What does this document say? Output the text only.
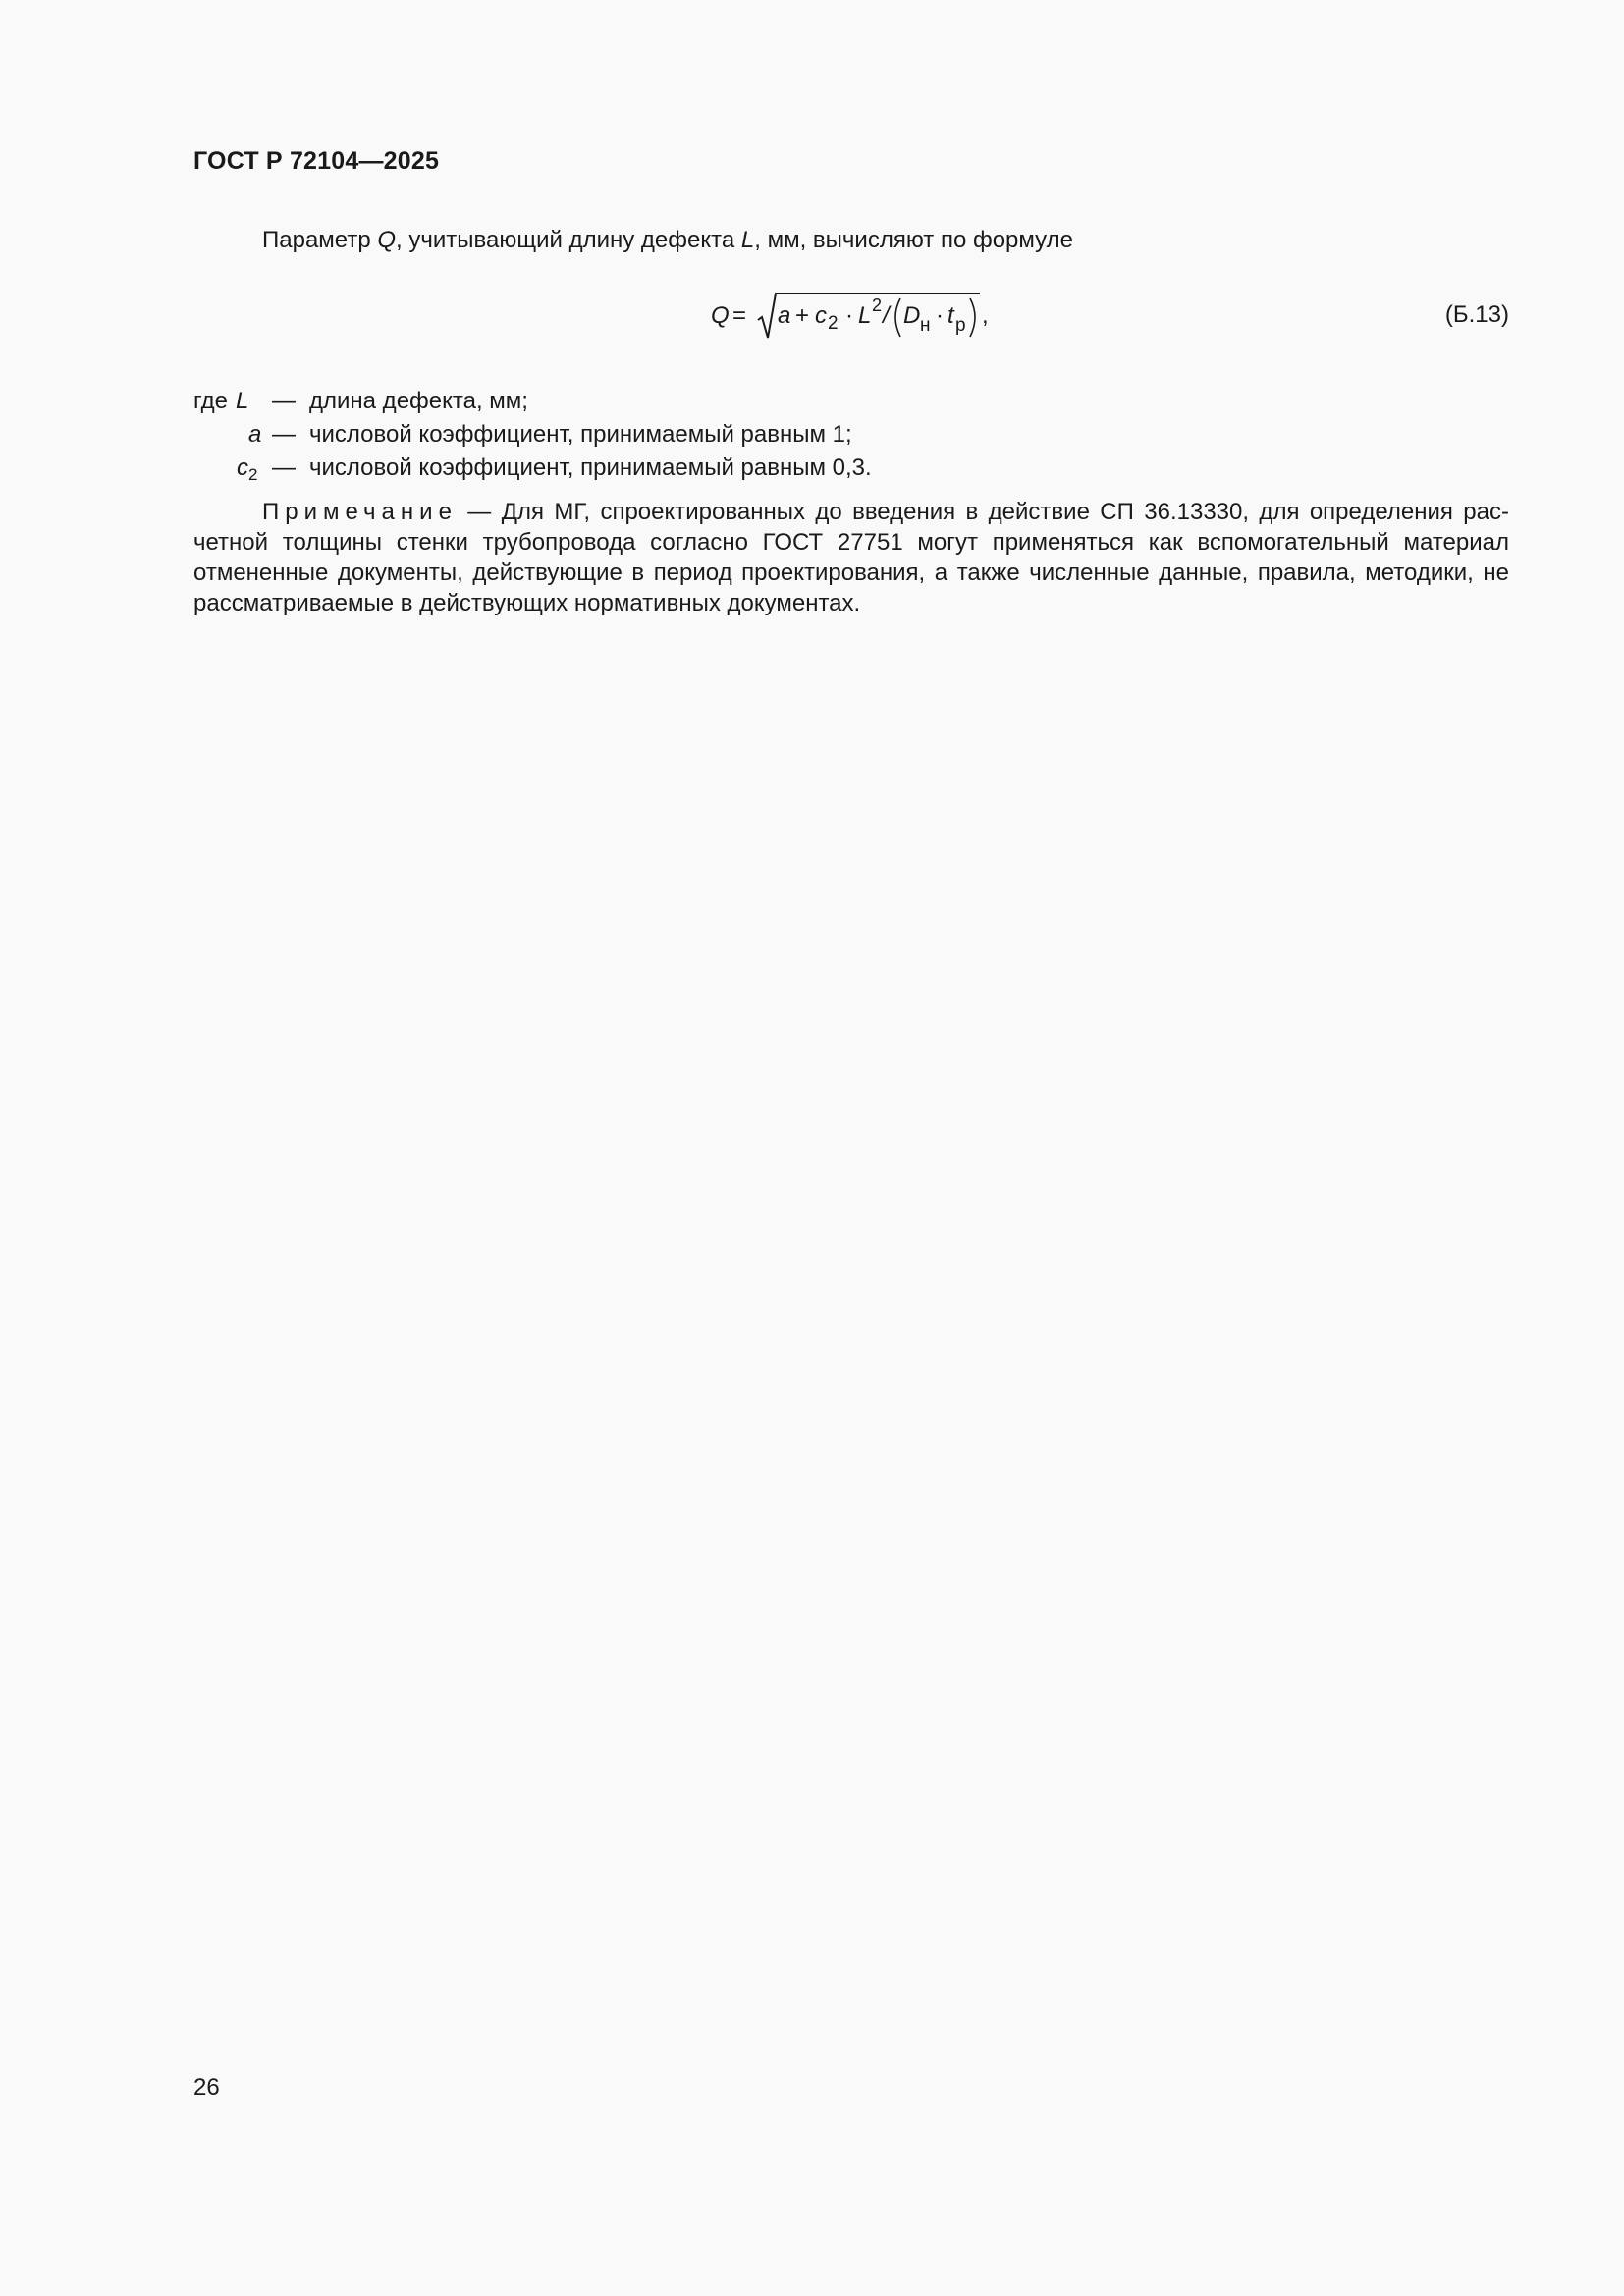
ГОСТ Р 72104—2025
Параметр Q, учитывающий длину дефекта L, мм, вычисляют по формуле
Q = a + c 2 · L 2 / D н · t р ,	(Б.13)
где L — длина дефекта, мм;
a — числовой коэффициент, принимаемый равным 1;
$c_2$ — числовой коэффициент, принимаемый равным 0,3.
Примечание — Для МГ, спроектированных до введения в действие СП 36.13330, для определения расчетной толщины стенки трубопровода согласно ГОСТ 27751 могут применяться как вспомогательный материал отмененные документы, действующие в период проектирования, а также численные данные, правила, методики, не рассматриваемые в действующих нормативных документах.
26
